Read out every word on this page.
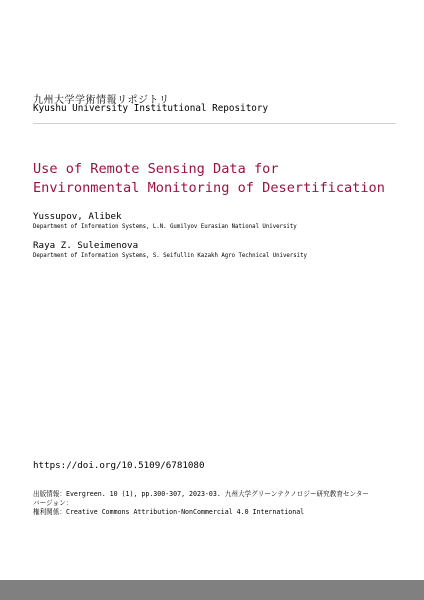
九州大学学術情報リポジトリ
Kyushu University Institutional Repository
Use of Remote Sensing Data for Environmental Monitoring of Desertification
Yussupov, Alibek
Department of Information Systems, L.N. Gumilyov Eurasian National University
Raya Z. Suleimenova
Department of Information Systems, S. Seifullin Kazakh Agro Technical University
https://doi.org/10.5109/6781080
出版情報：Evergreen. 10 (1), pp.300-307, 2023-03. 九州大学グリーンテクノロジー研究教育センター
バージョン：
権利関係：Creative Commons Attribution-NonCommercial 4.0 International
